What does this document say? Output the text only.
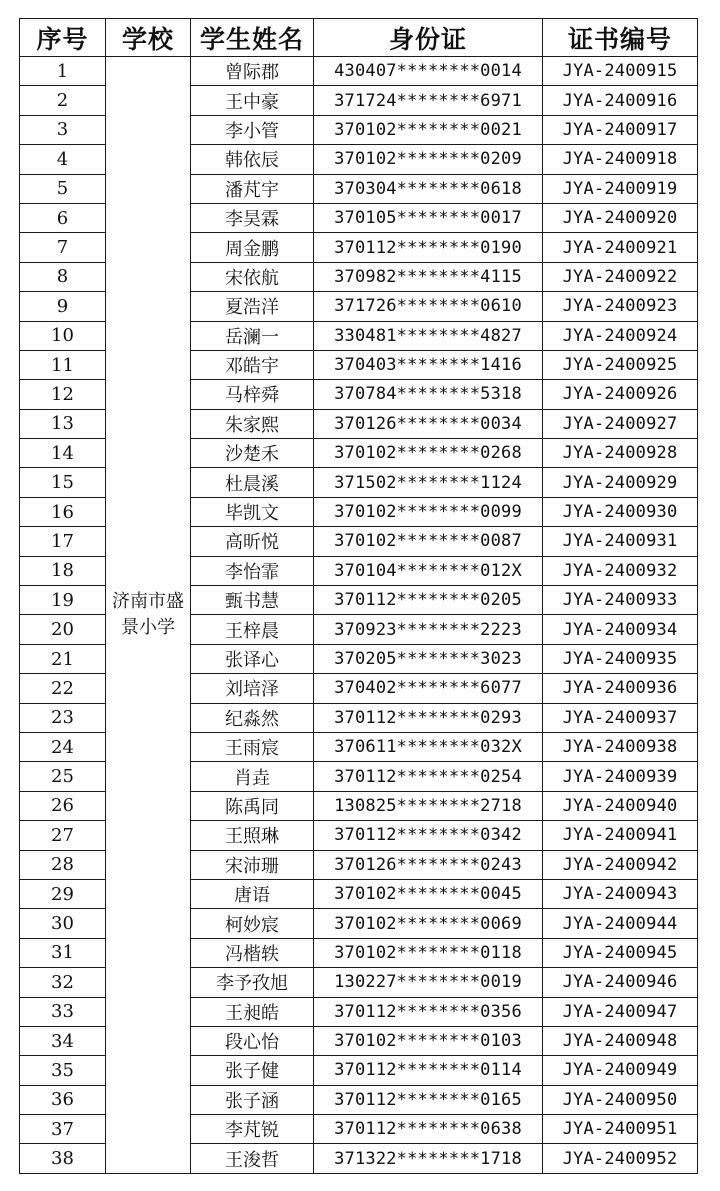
序号	学校	学生姓名	身份证	证书编号
1	济南市盛景小学	曾际郡	430407********0014	JYA-2400915
2		王中豪	371724********6971	JYA-2400916
3		李小管	370102********0021	JYA-2400917
4		韩依辰	370102********0209	JYA-2400918
5		潘芃宇	370304********0618	JYA-2400919
6		李昊霖	370105********0017	JYA-2400920
7		周金鹏	370112********0190	JYA-2400921
8		宋依航	370982********4115	JYA-2400922
9		夏浩洋	371726********0610	JYA-2400923
10		岳澜一	330481********4827	JYA-2400924
11		邓皓宇	370403********1416	JYA-2400925
12		马梓舜	370784********5318	JYA-2400926
13		朱家熙	370126********0034	JYA-2400927
14		沙楚禾	370102********0268	JYA-2400928
15		杜晨溪	371502********1124	JYA-2400929
16		毕凯文	370102********0099	JYA-2400930
17		高昕悦	370102********0087	JYA-2400931
18		李怡霏	370104********012X	JYA-2400932
19		甄书慧	370112********0205	JYA-2400933
20		王梓晨	370923********2223	JYA-2400934
21		张译心	370205********3023	JYA-2400935
22		刘培泽	370402********6077	JYA-2400936
23		纪淼然	370112********0293	JYA-2400937
24		王雨宸	370611********032X	JYA-2400938
25		肖垚	370112********0254	JYA-2400939
26		陈禹同	130825********2718	JYA-2400940
27		王照琳	370112********0342	JYA-2400941
28		宋沛珊	370126********0243	JYA-2400942
29		唐语	370102********0045	JYA-2400943
30		柯妙宸	370102********0069	JYA-2400944
31		冯楷轶	370102********0118	JYA-2400945
32		李予孜旭	130227********0019	JYA-2400946
33		王昶皓	370112********0356	JYA-2400947
34		段心怡	370102********0103	JYA-2400948
35		张子健	370112********0114	JYA-2400949
36		张子涵	370112********0165	JYA-2400950
37		李芃锐	370112********0638	JYA-2400951
38		王浚哲	371322********1718	JYA-2400952
